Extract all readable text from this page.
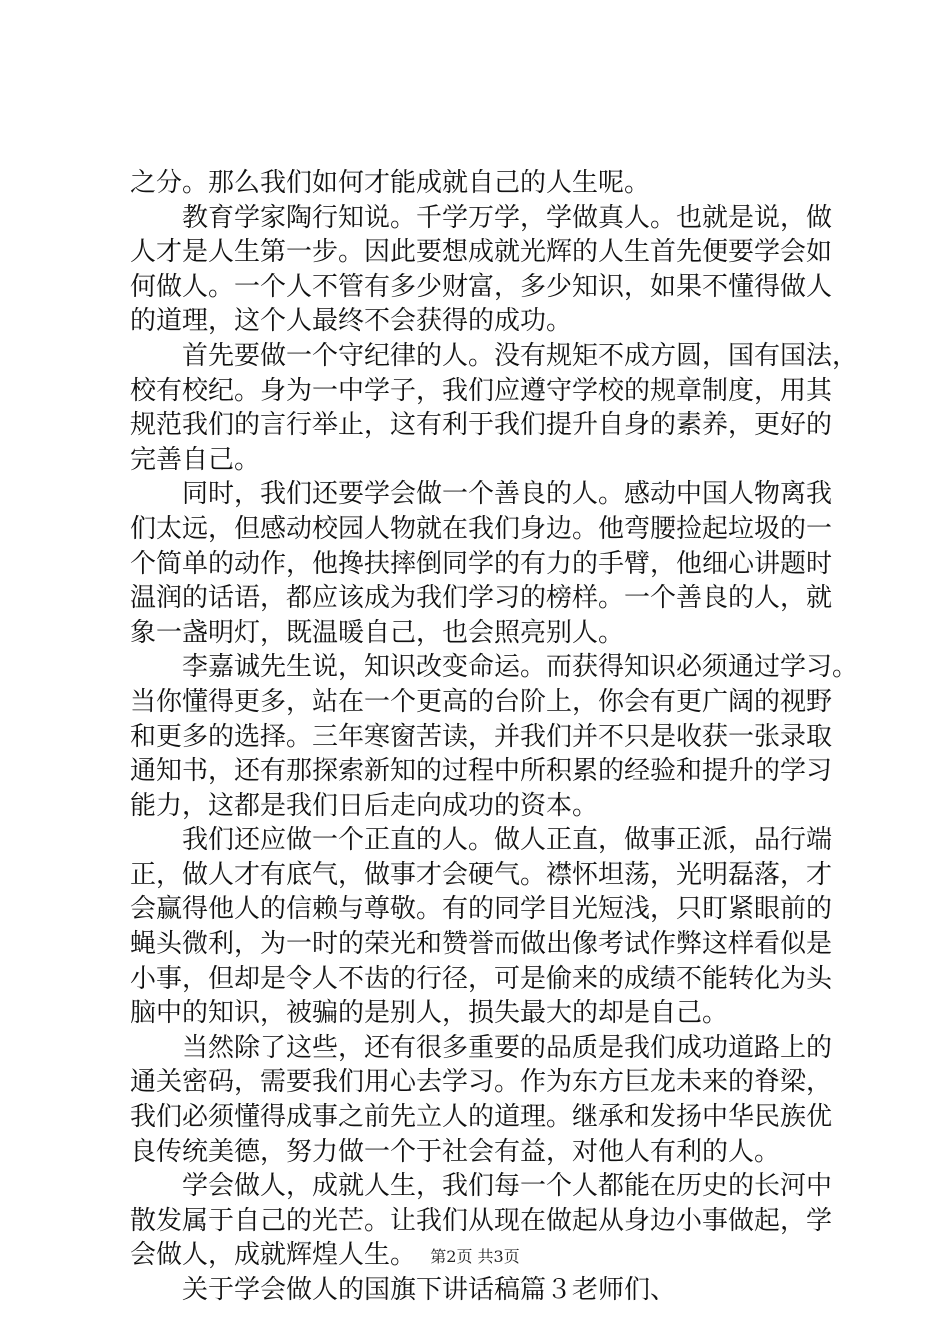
之分。那么我们如何才能成就自己的人生呢。
教育学家陶行知说。千学万学，学做真人。也就是说，做
人才是人生第一步。因此要想成就光辉的人生首先便要学会如
何做人。一个人不管有多少财富，多少知识，如果不懂得做人
的道理，这个人最终不会获得的成功。
首先要做一个守纪律的人。没有规矩不成方圆，国有国法，
校有校纪。身为一中学子，我们应遵守学校的规章制度，用其
规范我们的言行举止，这有利于我们提升自身的素养，更好的
完善自己。
同时，我们还要学会做一个善良的人。感动中国人物离我
们太远，但感动校园人物就在我们身边。他弯腰捡起垃圾的一
个简单的动作，他搀扶摔倒同学的有力的手臂，他细心讲题时
温润的话语，都应该成为我们学习的榜样。一个善良的人，就
象一盏明灯，既温暖自己，也会照亮别人。
李嘉诚先生说，知识改变命运。而获得知识必须通过学习。
当你懂得更多，站在一个更高的台阶上，你会有更广阔的视野
和更多的选择。三年寒窗苦读，并我们并不只是收获一张录取
通知书，还有那探索新知的过程中所积累的经验和提升的学习
能力，这都是我们日后走向成功的资本。
我们还应做一个正直的人。做人正直，做事正派，品行端
正，做人才有底气，做事才会硬气。襟怀坦荡，光明磊落，才
会赢得他人的信赖与尊敬。有的同学目光短浅，只盯紧眼前的
蝇头微利，为一时的荣光和赞誉而做出像考试作弊这样看似是
小事，但却是令人不齿的行径，可是偷来的成绩不能转化为头
脑中的知识，被骗的是别人，损失最大的却是自己。
当然除了这些，还有很多重要的品质是我们成功道路上的
通关密码，需要我们用心去学习。作为东方巨龙未来的脊梁，
我们必须懂得成事之前先立人的道理。继承和发扬中华民族优
良传统美德，努力做一个于社会有益，对他人有利的人。
学会做人，成就人生，我们每一个人都能在历史的长河中
散发属于自己的光芒。让我们从现在做起从身边小事做起，学
会做人，成就辉煌人生。
关于学会做人的国旗下讲话稿篇３老师们、
第2页 共3页
